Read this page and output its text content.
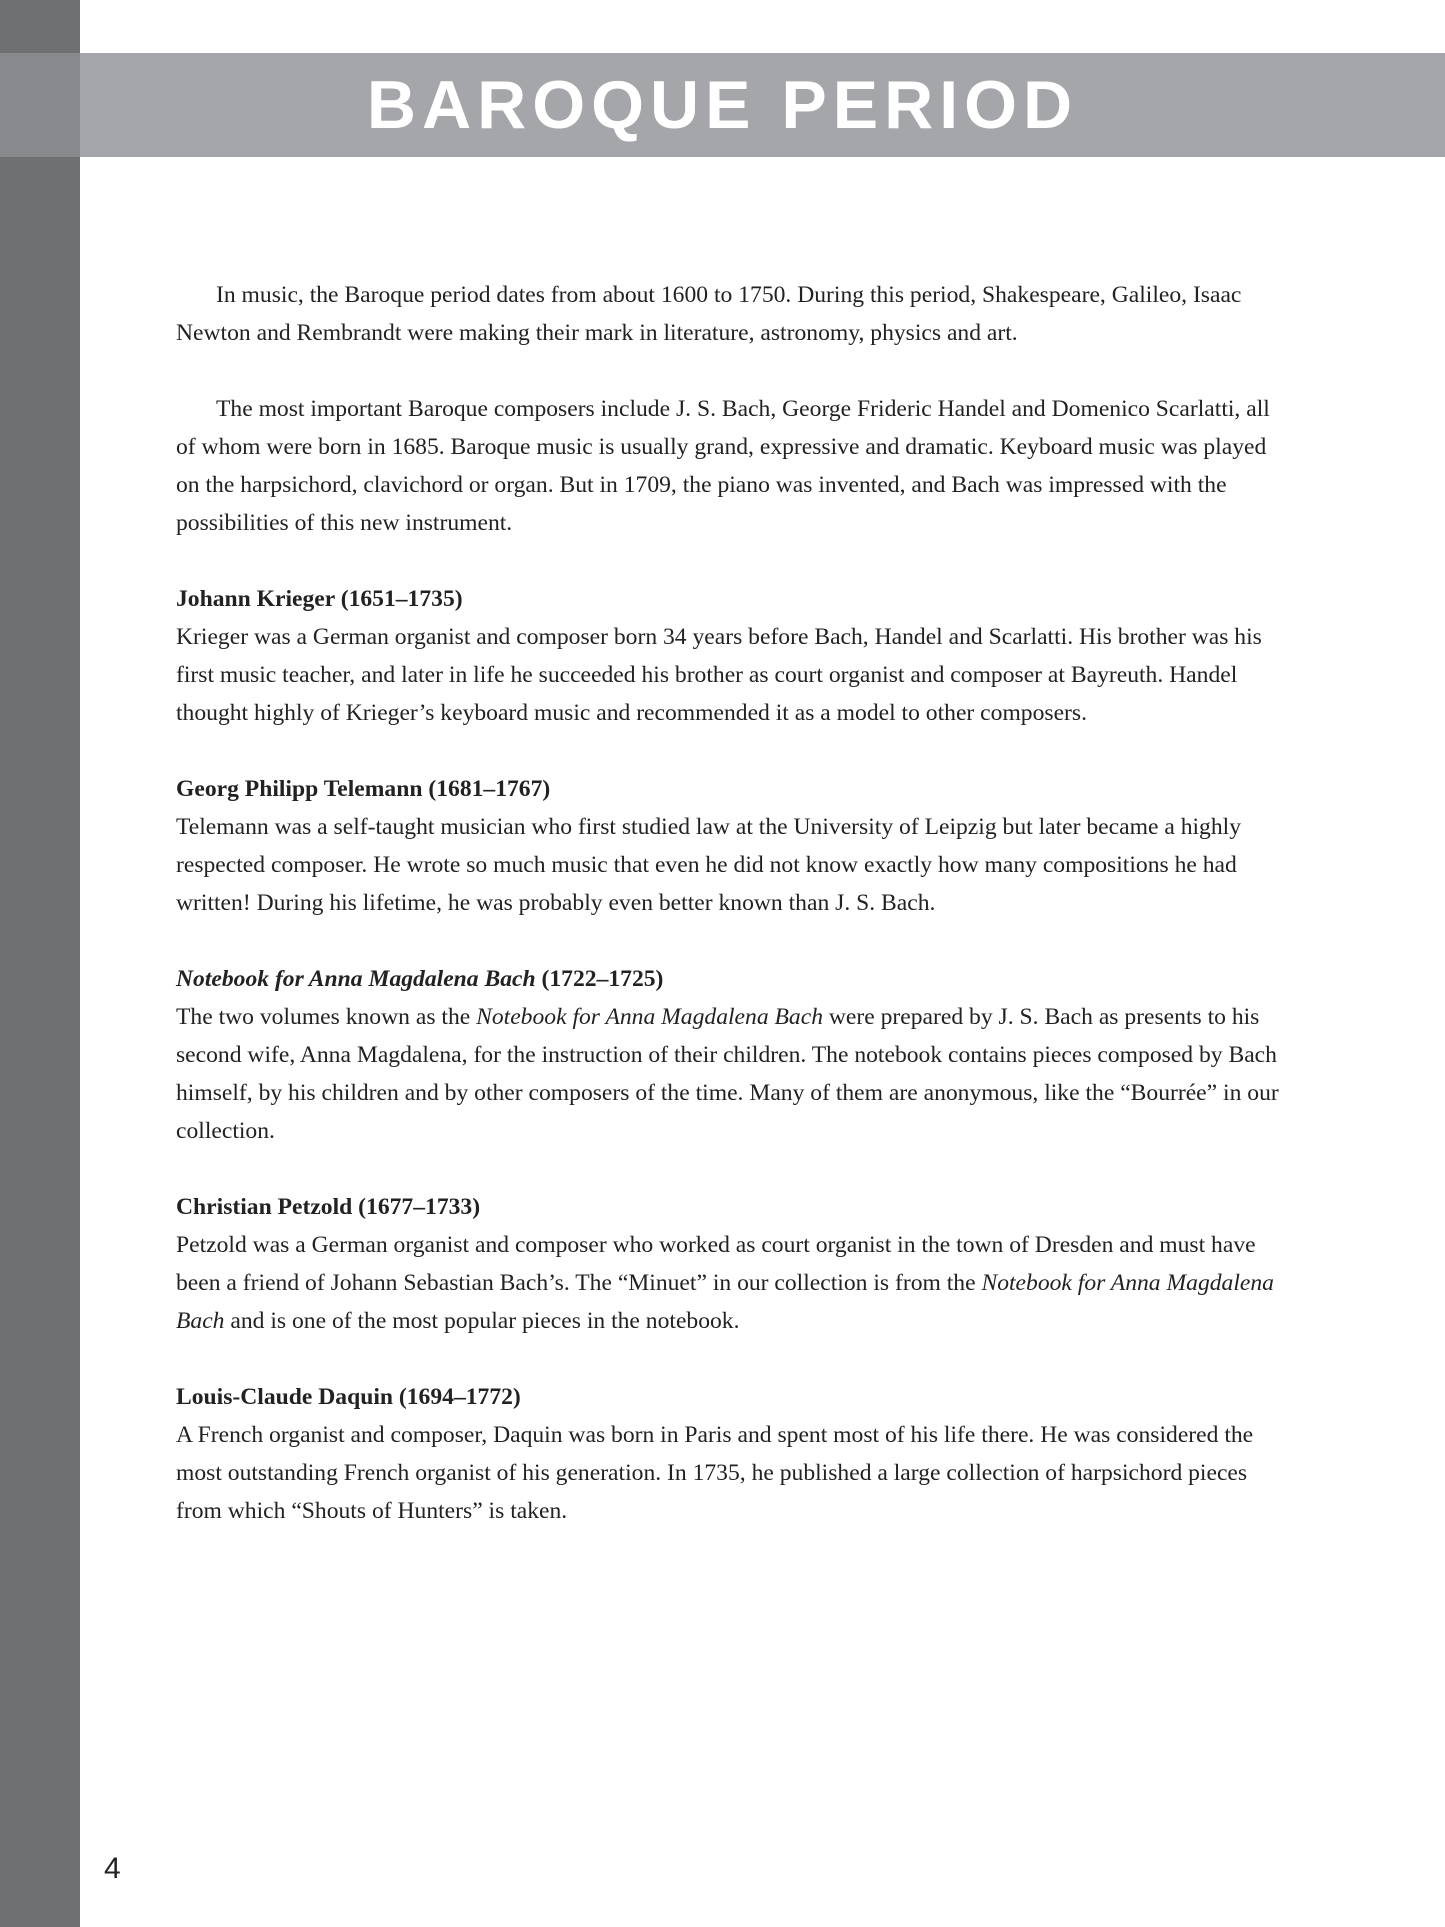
BAROQUE PERIOD

In music, the Baroque period dates from about 1600 to 1750. During this period, Shakespeare, Galileo, Isaac Newton and Rembrandt were making their mark in literature, astronomy, physics and art.

The most important Baroque composers include J. S. Bach, George Frideric Handel and Domenico Scarlatti, all of whom were born in 1685. Baroque music is usually grand, expressive and dramatic. Keyboard music was played on the harpsichord, clavichord or organ. But in 1709, the piano was invented, and Bach was impressed with the possibilities of this new instrument.

Johann Krieger (1651–1735)

Krieger was a German organist and composer born 34 years before Bach, Handel and Scarlatti. His brother was his first music teacher, and later in life he succeeded his brother as court organist and composer at Bayreuth. Handel thought highly of Krieger’s keyboard music and recommended it as a model to other composers.

Georg Philipp Telemann (1681–1767)

Telemann was a self-taught musician who first studied law at the University of Leipzig but later became a highly respected composer. He wrote so much music that even he did not know exactly how many compositions he had written! During his lifetime, he was probably even better known than J. S. Bach.

Notebook for Anna Magdalena Bach (1722–1725)

The two volumes known as the Notebook for Anna Magdalena Bach were prepared by J. S. Bach as presents to his second wife, Anna Magdalena, for the instruction of their children. The notebook contains pieces composed by Bach himself, by his children and by other composers of the time. Many of them are anonymous, like the “Bourrée” in our collection.

Christian Petzold (1677–1733)

Petzold was a German organist and composer who worked as court organist in the town of Dresden and must have been a friend of Johann Sebastian Bach’s. The “Minuet” in our collection is from the Notebook for Anna Magdalena Bach and is one of the most popular pieces in the notebook.

Louis-Claude Daquin (1694–1772)

A French organist and composer, Daquin was born in Paris and spent most of his life there. He was considered the most outstanding French organist of his generation. In 1735, he published a large collection of harpsichord pieces from which “Shouts of Hunters” is taken.

4
